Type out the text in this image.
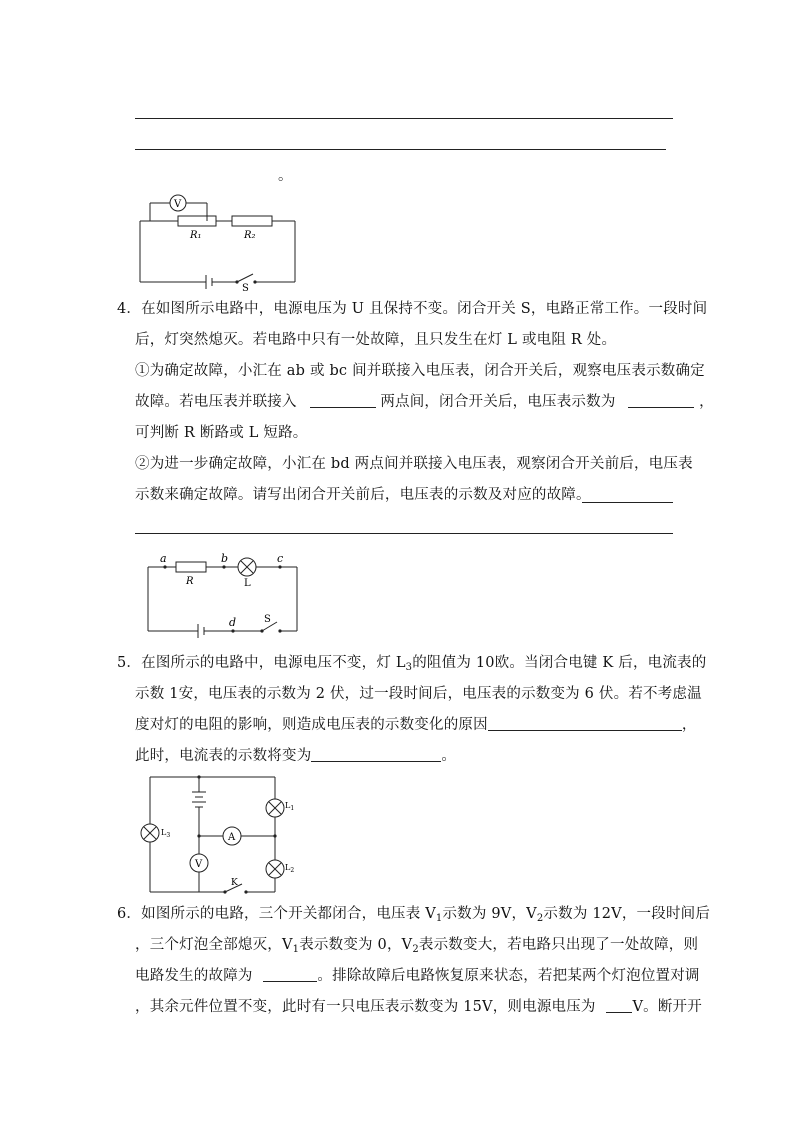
。
V
R₁	R₂
S
4．在如图所示电路中，电源电压为 U 且保持不变。闭合开关 S，电路正常工作。一段时间
后，灯突然熄灭。若电路中只有一处故障，且只发生在灯 L 或电阻 R 处。
①为确定故障，小汇在 ab 或 bc 间并联接入电压表，闭合开关后，观察电压表示数确定
故障。若电压表并联接入	两点间，闭合开关后，电压表示数为	，
可判断 R 断路或 L 短路。
②为进一步确定故障，小汇在 bd 两点间并联接入电压表，观察闭合开关前后，电压表
示数来确定故障。请写出闭合开关前后，电压表的示数及对应的故障。
a	b	c
d
R	L
S
5．在图所示的电路中，电源电压不变，灯 $L_3$的阻值为 10欧。当闭合电键 K 后，电流表的
示数 1安，电压表的示数为 2 伏，过一段时间后，电压表的示数变为 6 伏。若不考虑温
度对灯的电阻的影响，则造成电压表的示数变化的原因	，
此时，电流表的示数将变为	。
A
V
K
$L_1$
$L_2$
$L_3$
6．如图所示的电路，三个开关都闭合，电压表 $V_1$示数为 9V，$V_2$示数为 12V，一段时间后
，三个灯泡全部熄灭，$V_1$表示数变为 0，$V_2$表示数变大，若电路只出现了一处故障，则
电路发生的故障为	。排除故障后电路恢复原来状态，若把某两个灯泡位置对调
，其余元件位置不变，此时有一只电压表示数变为 15V，则电源电压为	V。断开开
